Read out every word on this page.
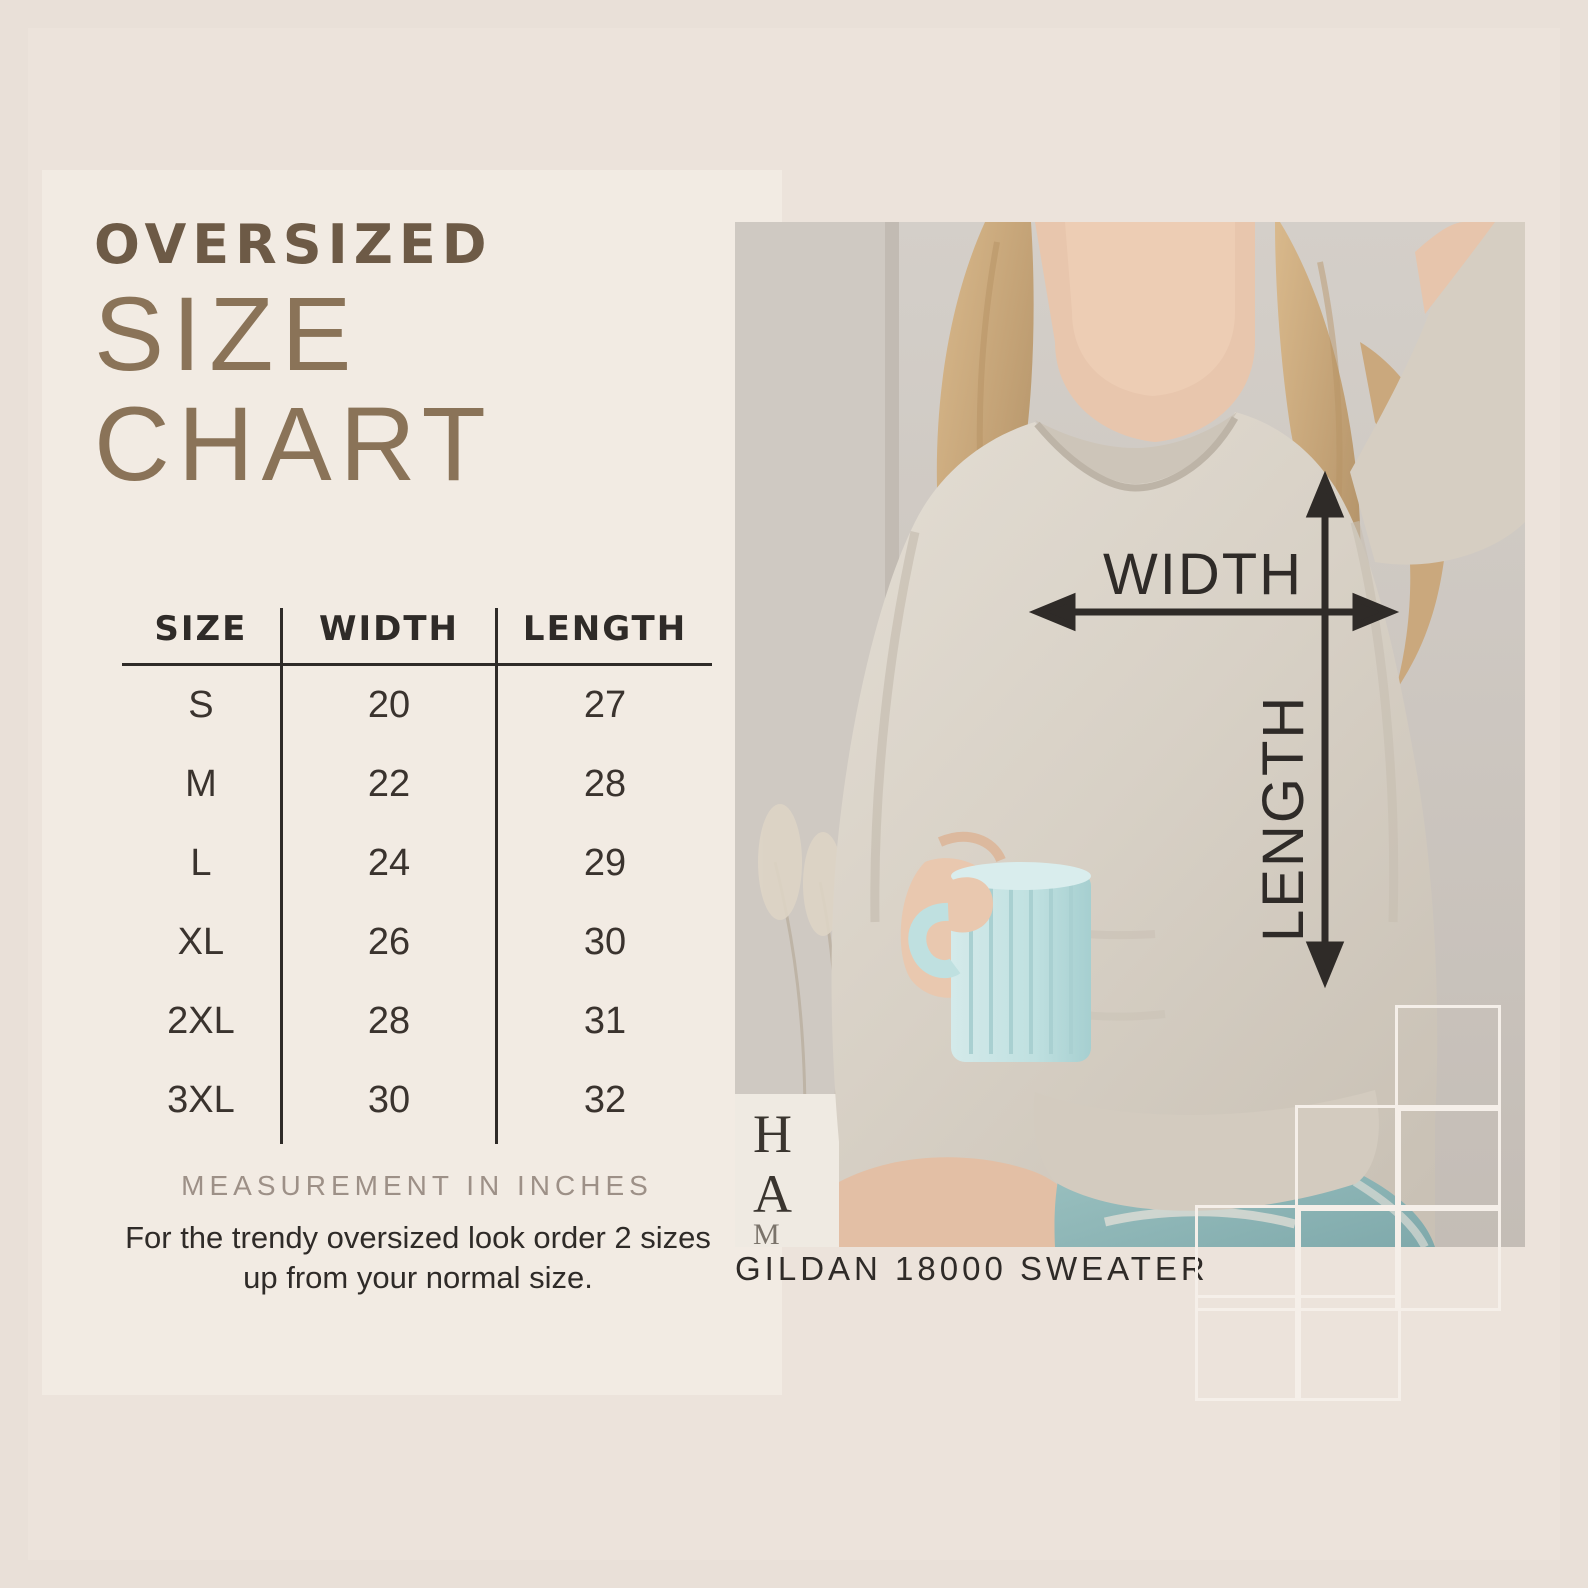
OVERSIZED
SIZE
CHART
SIZE	WIDTH	LENGTH
S	20	27
M	22	28
L	24	29
XL	26	30
2XL	28	31
3XL	30	32
MEASUREMENT IN INCHES
For the trendy oversized look order 2 sizes up from your normal size.
H
A
M
WIDTH
LENGTH
GILDAN 18000 SWEATER
